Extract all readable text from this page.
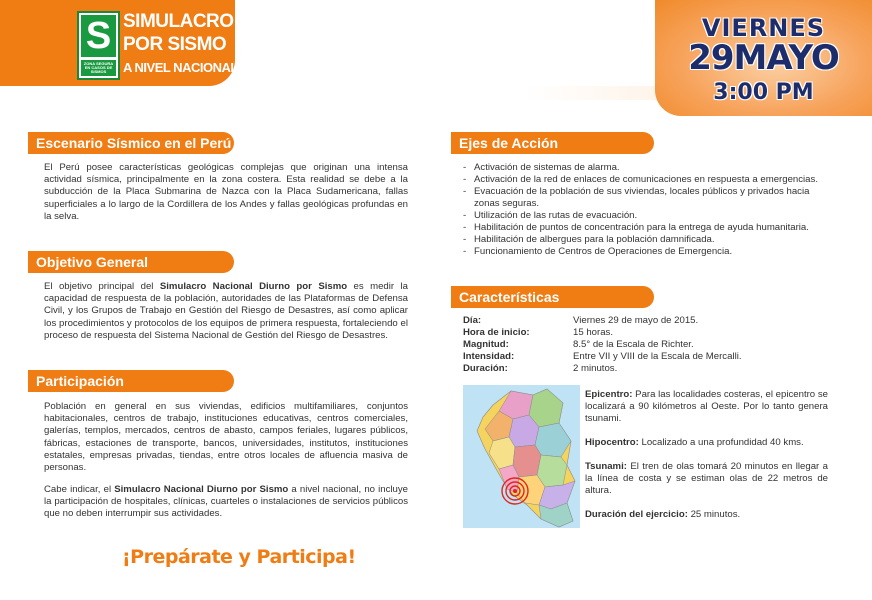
S
ZONA SEGURA EN CASOS DE SISMOS
SIMULACRO
POR SISMO
A NIVEL NACIONAL
VIERNES
29MAYO
3:00 PM
Escenario Sísmico en el Perú
El Perú posee características geológicas complejas que originan una intensa actividad sísmica, principalmente en la zona costera. Esta realidad se debe a la subducción de la Placa Submarina de Nazca con la Placa Sudamericana, fallas superficiales a lo largo de la Cordillera de los Andes y fallas geológicas profundas en la selva.
Objetivo General
El objetivo principal del Simulacro Nacional Diurno por Sismo es medir la capacidad de respuesta de la población, autoridades de las Plataformas de Defensa Civil, y los Grupos de Trabajo en Gestión del Riesgo de Desastres, así como aplicar los procedimientos y protocolos de los equipos de primera respuesta, fortaleciendo el proceso de respuesta del Sistema Nacional de Gestión del Riesgo de Desastres.
Participación
Población en general en sus viviendas, edificios multifamiliares, conjuntos habitacionales, centros de trabajo, instituciones educativas, centros comerciales, galerías, templos, mercados, centros de abasto, campos feriales, lugares públicos, fábricas, estaciones de transporte, bancos, universidades, institutos, instituciones estatales, empresas privadas, tiendas, entre otros locales de afluencia masiva de personas.
Cabe indicar, el Simulacro Nacional Diurno por Sismo a nivel nacional, no incluye la participación de hospitales, clínicas, cuarteles o instalaciones de servicios públicos que no deben interrumpir sus actividades.
Ejes de Acción
- Activación de sistemas de alarma.
- Activación de la red de enlaces de comunicaciones en respuesta a emergencias.
- Evacuación de la población de sus viviendas, locales públicos y privados hacia zonas seguras.
- Utilización de las rutas de evacuación.
- Habilitación de puntos de concentración para la entrega de ayuda humanitaria.
- Habilitación de albergues para la población damnificada.
- Funcionamiento de Centros de Operaciones de Emergencia.
Características
Día:	Viernes 29 de mayo de 2015.
Hora de inicio:	15 horas.
Magnitud:	8.5° de la Escala de Richter.
Intensidad:	Entre VII y VIII de la Escala de Mercalli.
Duración:	2 minutos.

Epicentro: Para las localidades costeras, el epicentro se localizará a 90 kilómetros al Oeste. Por lo tanto genera tsunami.

Hipocentro: Localizado a una profundidad 40 kms.

Tsunami: El tren de olas tomará 20 minutos en llegar a la línea de costa y se estiman olas de 22 metros de altura.

Duración del ejercicio: 25 minutos.

¡Prepárate y Participa!
